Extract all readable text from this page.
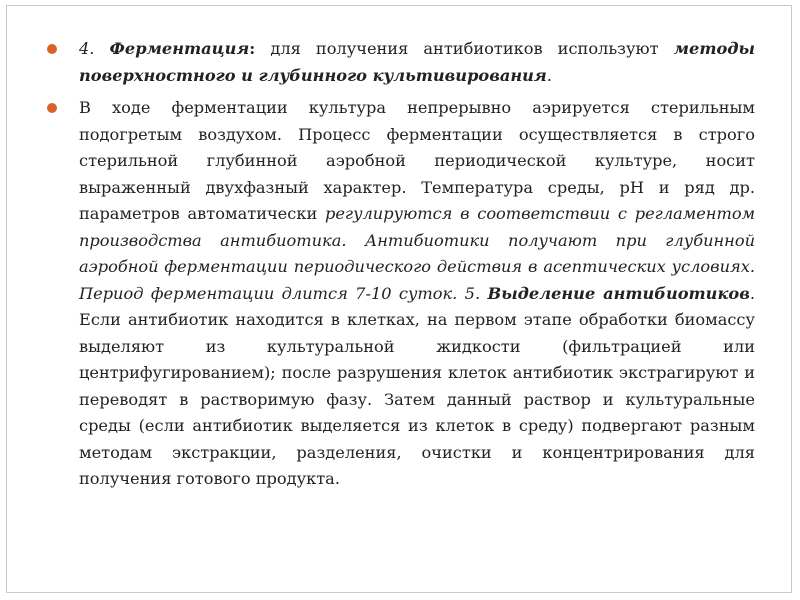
4. Ферментация: для получения антибиотиков используют методы поверхностного и глубинного культивирования.

В ходе ферментации культура непрерывно аэрируется стерильным подогретым воздухом. Процесс ферментации осуществляется в строго стерильной глубинной аэробной периодической культуре, носит выраженный двухфазный характер. Температура среды, рН и ряд др. параметров автоматически регулируются в соответствии с регламентом производства антибиотика. Антибиотики получают при глубинной аэробной ферментации периодического действия в асептических условиях. Период ферментации длится 7-10 суток. 5. Выделение антибиотиков. Если антибиотик находится в клетках, на первом этапе обработки биомассу выделяют из культуральной жидкости (фильтрацией или центрифугированием); после разрушения клеток антибиотик экстрагируют и переводят в растворимую фазу. Затем данный раствор и культуральные среды (если антибиотик выделяется из клеток в среду) подвергают разным методам экстракции, разделения, очистки и концентрирования для получения готового продукта.
